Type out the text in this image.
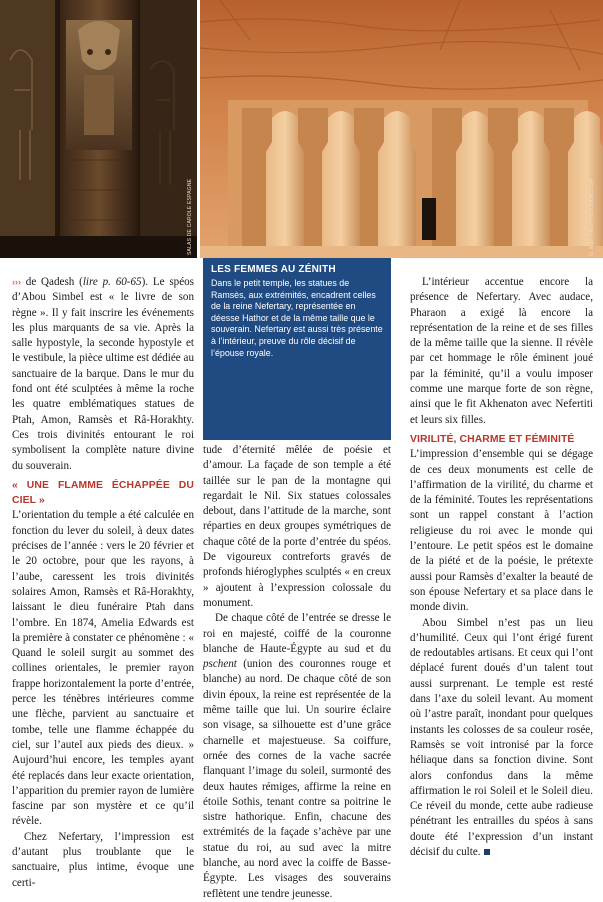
SALAS DE CAROLE ESPAGNE	G. MERTIAS/PHOTONONSTOP

››› de Qadesh (lire p. 60-65). Le spéos d’Abou Simbel est « le livre de son règne ». Il y fait inscrire les événements les plus marquants de sa vie. Après la salle hypostyle, la seconde hypostyle et le vestibule, la pièce ultime est dédiée au sanctuaire de la barque. Dans le mur du fond ont été sculptées à même la roche les quatre emblématiques statues de Ptah, Amon, Ramsès et Râ-Horakhty. Ces trois divinités entourant le roi symbolisent la complète nature divine du souverain.

« UNE FLAMME ÉCHAPPÉE DU CIEL »

L’orientation du temple a été calculée en fonction du lever du soleil, à deux dates précises de l’année : vers le 20 février et le 20 octobre, pour que les rayons, à l’aube, caressent les trois divinités solaires Amon, Ramsès et Râ-Horakhty, laissant le dieu funéraire Ptah dans l’ombre. En 1874, Amelia Edwards est la première à constater ce phénomène : « Quand le soleil surgit au sommet des collines orientales, le premier rayon frappe horizontalement la porte d’entrée, perce les ténèbres intérieures comme une flèche, parvient au sanctuaire et tombe, telle une flamme échappée du ciel, sur l’autel aux pieds des dieux. » Aujourd’hui encore, les temples ayant été replacés dans leur exacte orientation, l’apparition du premier rayon de lumière fascine par son mystère et ce qu’il révèle.

Chez Nefertary, l’impression est d’autant plus troublante que le sanctuaire, plus intime, évoque une certi-

LES FEMMES AU ZÉNITH

Dans le petit temple, les statues de Ramsès, aux extrémités, encadrent celles de la reine Nefertary, représentée en déesse Hathor et de la même taille que le souverain. Nefertary est aussi très présente à l’intérieur, preuve du rôle décisif de l’épouse royale.

tude d’éternité mêlée de poésie et d’amour. La façade de son temple a été taillée sur le pan de la montagne qui regardait le Nil. Six statues colossales debout, dans l’attitude de la marche, sont réparties en deux groupes symétriques de chaque côté de la porte d’entrée du spéos. De vigoureux contreforts gravés de profonds hiéroglyphes sculptés « en creux » ajoutent à l’expression colossale du monument.

De chaque côté de l’entrée se dresse le roi en majesté, coiffé de la couronne blanche de Haute-Égypte au sud et du pschent (union des couronnes rouge et blanche) au nord. De chaque côté de son divin époux, la reine est représentée de la même taille que lui. Un sourire éclaire son visage, sa silhouette est d’une grâce charnelle et majestueuse. Sa coiffure, ornée des cornes de la vache sacrée flanquant l’image du soleil, surmonté des deux hautes rémiges, affirme la reine en étoile Sothis, tenant contre sa poitrine le sistre hathorique. Enfin, chacune des extrémités de la façade s’achève par une statue du roi, au sud avec la mitre blanche, au nord avec la coiffe de Basse-Égypte. Les visages des souverains reflètent une tendre jeunesse.

L’intérieur accentue encore la présence de Nefertary. Avec audace, Pharaon a exigé là encore la représentation de la reine et de ses filles de la même taille que la sienne. Il révèle par cet hommage le rôle éminent joué par la féminité, qu’il a voulu imposer comme une marque forte de son règne, ainsi que le fit Akhenaton avec Nefertiti et leurs six filles.

VIRILITÉ, CHARME ET FÉMINITÉ

L’impression d’ensemble qui se dégage de ces deux monuments est celle de l’affirmation de la virilité, du charme et de la féminité. Toutes les représentations sont un rappel constant à l’action religieuse du roi avec le monde qui l’entoure. Le petit spéos est le domaine de la piété et de la poésie, le prétexte aussi pour Ramsès d’exalter la beauté de son épouse Nefertary et sa place dans le monde divin.

Abou Simbel n’est pas un lieu d’humilité. Ceux qui l’ont érigé furent de redoutables artisans. Et ceux qui l’ont déplacé furent doués d’un talent tout aussi surprenant. Le temple est resté dans l’axe du soleil levant. Au moment où l’astre paraît, inondant pour quelques instants les colosses de sa couleur rosée, Ramsès se voit intronisé par la force héliaque dans sa fonction divine. Sont alors confondus dans la même affirmation le roi Soleil et le Soleil dieu. Ce réveil du monde, cette aube radieuse pénétrant les entrailles du spéos à sans doute été l’expression d’un instant décisif du culte.
